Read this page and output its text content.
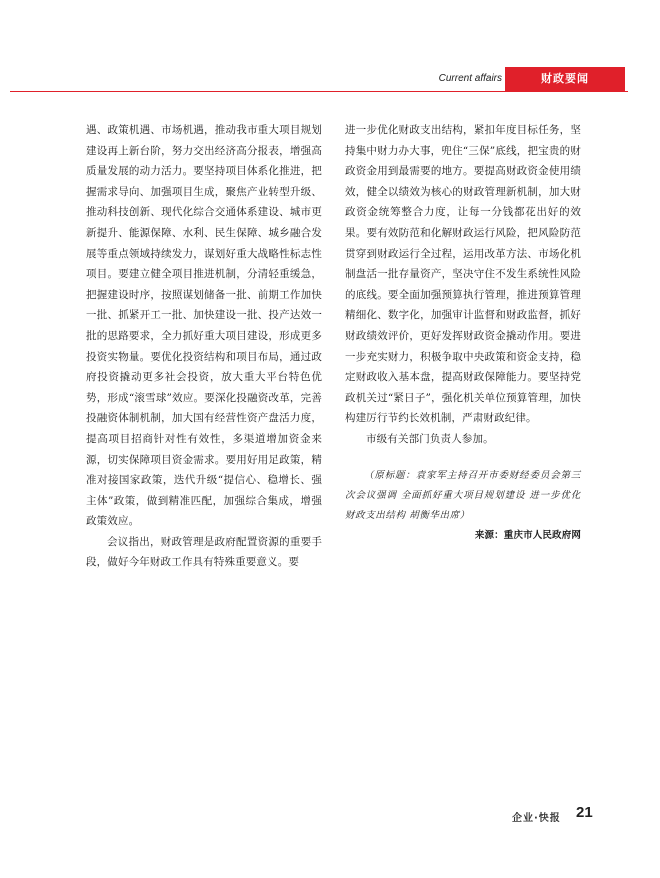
Current affairs	财政要闻

遇、政策机遇、市场机遇，推动我市重大项目规划建设再上新台阶，努力交出经济高分报表，增强高质量发展的动力活力。要坚持项目体系化推进，把握需求导向、加强项目生成，聚焦产业转型升级、推动科技创新、现代化综合交通体系建设、城市更新提升、能源保障、水利、民生保障、城乡融合发展等重点领域持续发力，谋划好重大战略性标志性项目。要建立健全项目推进机制，分清轻重缓急，把握建设时序，按照谋划储备一批、前期工作加快一批、抓紧开工一批、加快建设一批、投产达效一批的思路要求，全力抓好重大项目建设，形成更多投资实物量。要优化投资结构和项目布局，通过政府投资撬动更多社会投资，放大重大平台特色优势，形成“滚雪球”效应。要深化投融资改革，完善投融资体制机制，加大国有经营性资产盘活力度，提高项目招商针对性有效性，多渠道增加资金来源，切实保障项目资金需求。要用好用足政策，精准对接国家政策，迭代升级“提信心、稳增长、强主体”政策，做到精准匹配，加强综合集成，增强政策效应。

会议指出，财政管理是政府配置资源的重要手段，做好今年财政工作具有特殊重要意义。要

进一步优化财政支出结构，紧扣年度目标任务，坚持集中财力办大事，兜住“三保”底线，把宝贵的财政资金用到最需要的地方。要提高财政资金使用绩效，健全以绩效为核心的财政管理新机制，加大财政资金统筹整合力度，让每一分钱都花出好的效果。要有效防范和化解财政运行风险，把风险防范贯穿到财政运行全过程，运用改革方法、市场化机制盘活一批存量资产，坚决守住不发生系统性风险的底线。要全面加强预算执行管理，推进预算管理精细化、数字化，加强审计监督和财政监督，抓好财政绩效评价，更好发挥财政资金撬动作用。要进一步充实财力，积极争取中央政策和资金支持，稳定财政收入基本盘，提高财政保障能力。要坚持党政机关过“紧日子”，强化机关单位预算管理，加快构建厉行节约长效机制，严肃财政纪律。

市级有关部门负责人参加。

（原标题：袁家军主持召开市委财经委员会第三次会议强调 全面抓好重大项目规划建设 进一步优化财政支出结构 胡衡华出席）

来源：重庆市人民政府网

企业·快报 21
